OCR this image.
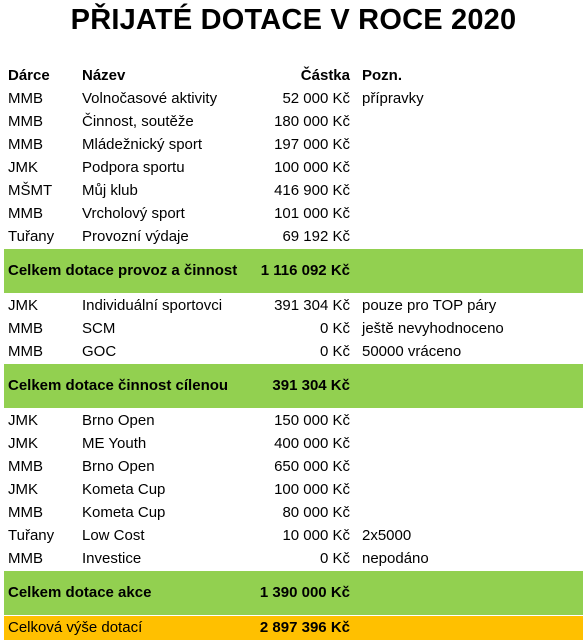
PŘIJATÉ DOTACE V ROCE 2020
Dárce	Název	Částka	Pozn.
MMB	Volnočasové aktivity	52 000 Kč	přípravky
MMB	Činnost, soutěže	180 000 Kč	
MMB	Mládežnický sport	197 000 Kč	
JMK	Podpora sportu	100 000 Kč	
MŠMT	Můj klub	416 900 Kč	
MMB	Vrcholový sport	101 000 Kč	
Tuřany	Provozní výdaje	69 192 Kč	
Celkem dotace provoz a činnost		1 116 092 Kč	
JMK	Individuální sportovci	391 304 Kč	pouze pro TOP páry
MMB	SCM	0 Kč	ještě nevyhodnoceno
MMB	GOC	0 Kč	50000 vráceno
Celkem dotace činnost cílenou		391 304 Kč	
JMK	Brno Open	150 000 Kč	
JMK	ME Youth	400 000 Kč	
MMB	Brno Open	650 000 Kč	
JMK	Kometa Cup	100 000 Kč	
MMB	Kometa Cup	80 000 Kč	
Tuřany	Low Cost	10 000 Kč	2x5000
MMB	Investice	0 Kč	nepodáno
Celkem dotace akce		1 390 000 Kč	
Celková výše dotací		2 897 396 Kč	
